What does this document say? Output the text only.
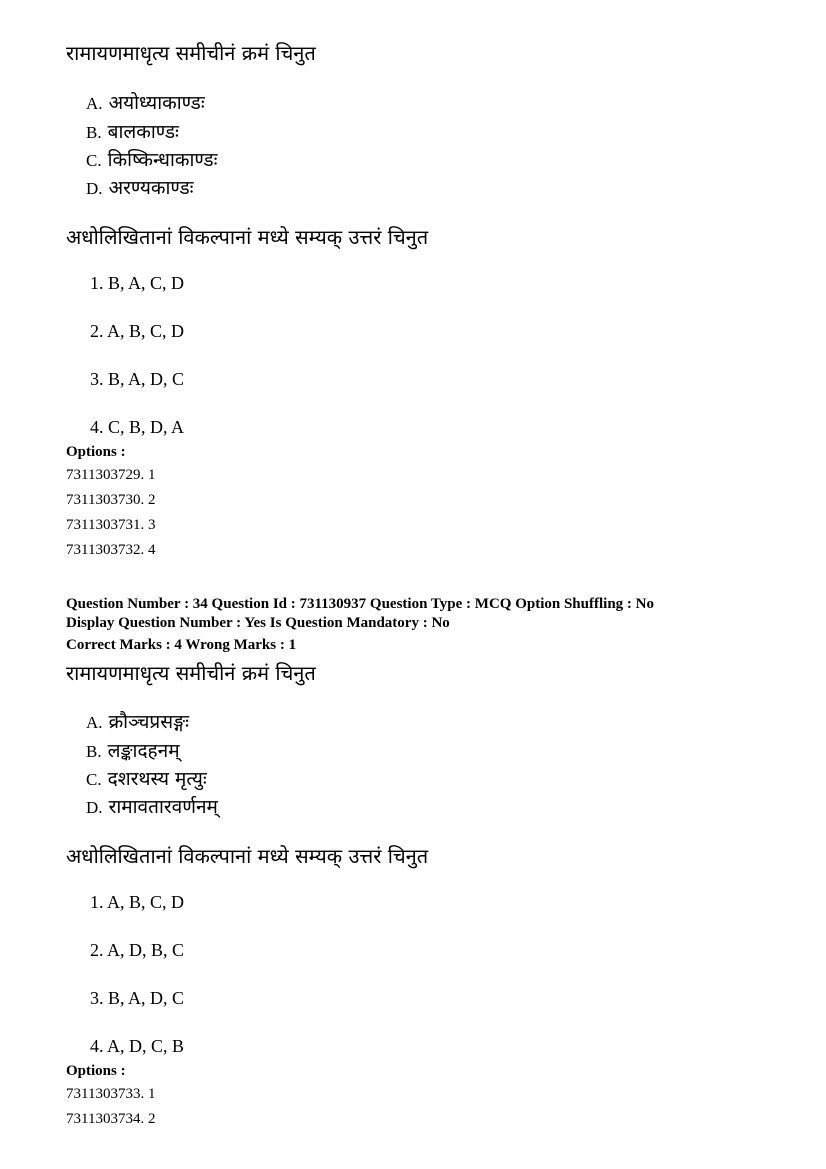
रामायणमाधृत्य समीचीनं क्रमं चिनुत
A. अयोध्याकाण्डः
B. बालकाण्डः
C. किष्किन्धाकाण्डः
D. अरण्यकाण्डः
अधोलिखितानां विकल्पानां मध्ये सम्यक् उत्तरं चिनुत
1. B, A, C, D
2. A, B, C, D
3. B, A, D, C
4. C, B, D, A
Options :
7311303729. 1
7311303730. 2
7311303731. 3
7311303732. 4
Question Number : 34 Question Id : 731130937 Question Type : MCQ Option Shuffling : No
Display Question Number : Yes Is Question Mandatory : No
Correct Marks : 4 Wrong Marks : 1
रामायणमाधृत्य समीचीनं क्रमं चिनुत
A. क्रौञ्चप्रसङ्गः
B. लङ्कादहनम्
C. दशरथस्य मृत्युः
D. रामावतारवर्णनम्
अधोलिखितानां विकल्पानां मध्ये सम्यक् उत्तरं चिनुत
1. A, B, C, D
2. A, D, B, C
3. B, A, D, C
4. A, D, C, B
Options :
7311303733. 1
7311303734. 2
